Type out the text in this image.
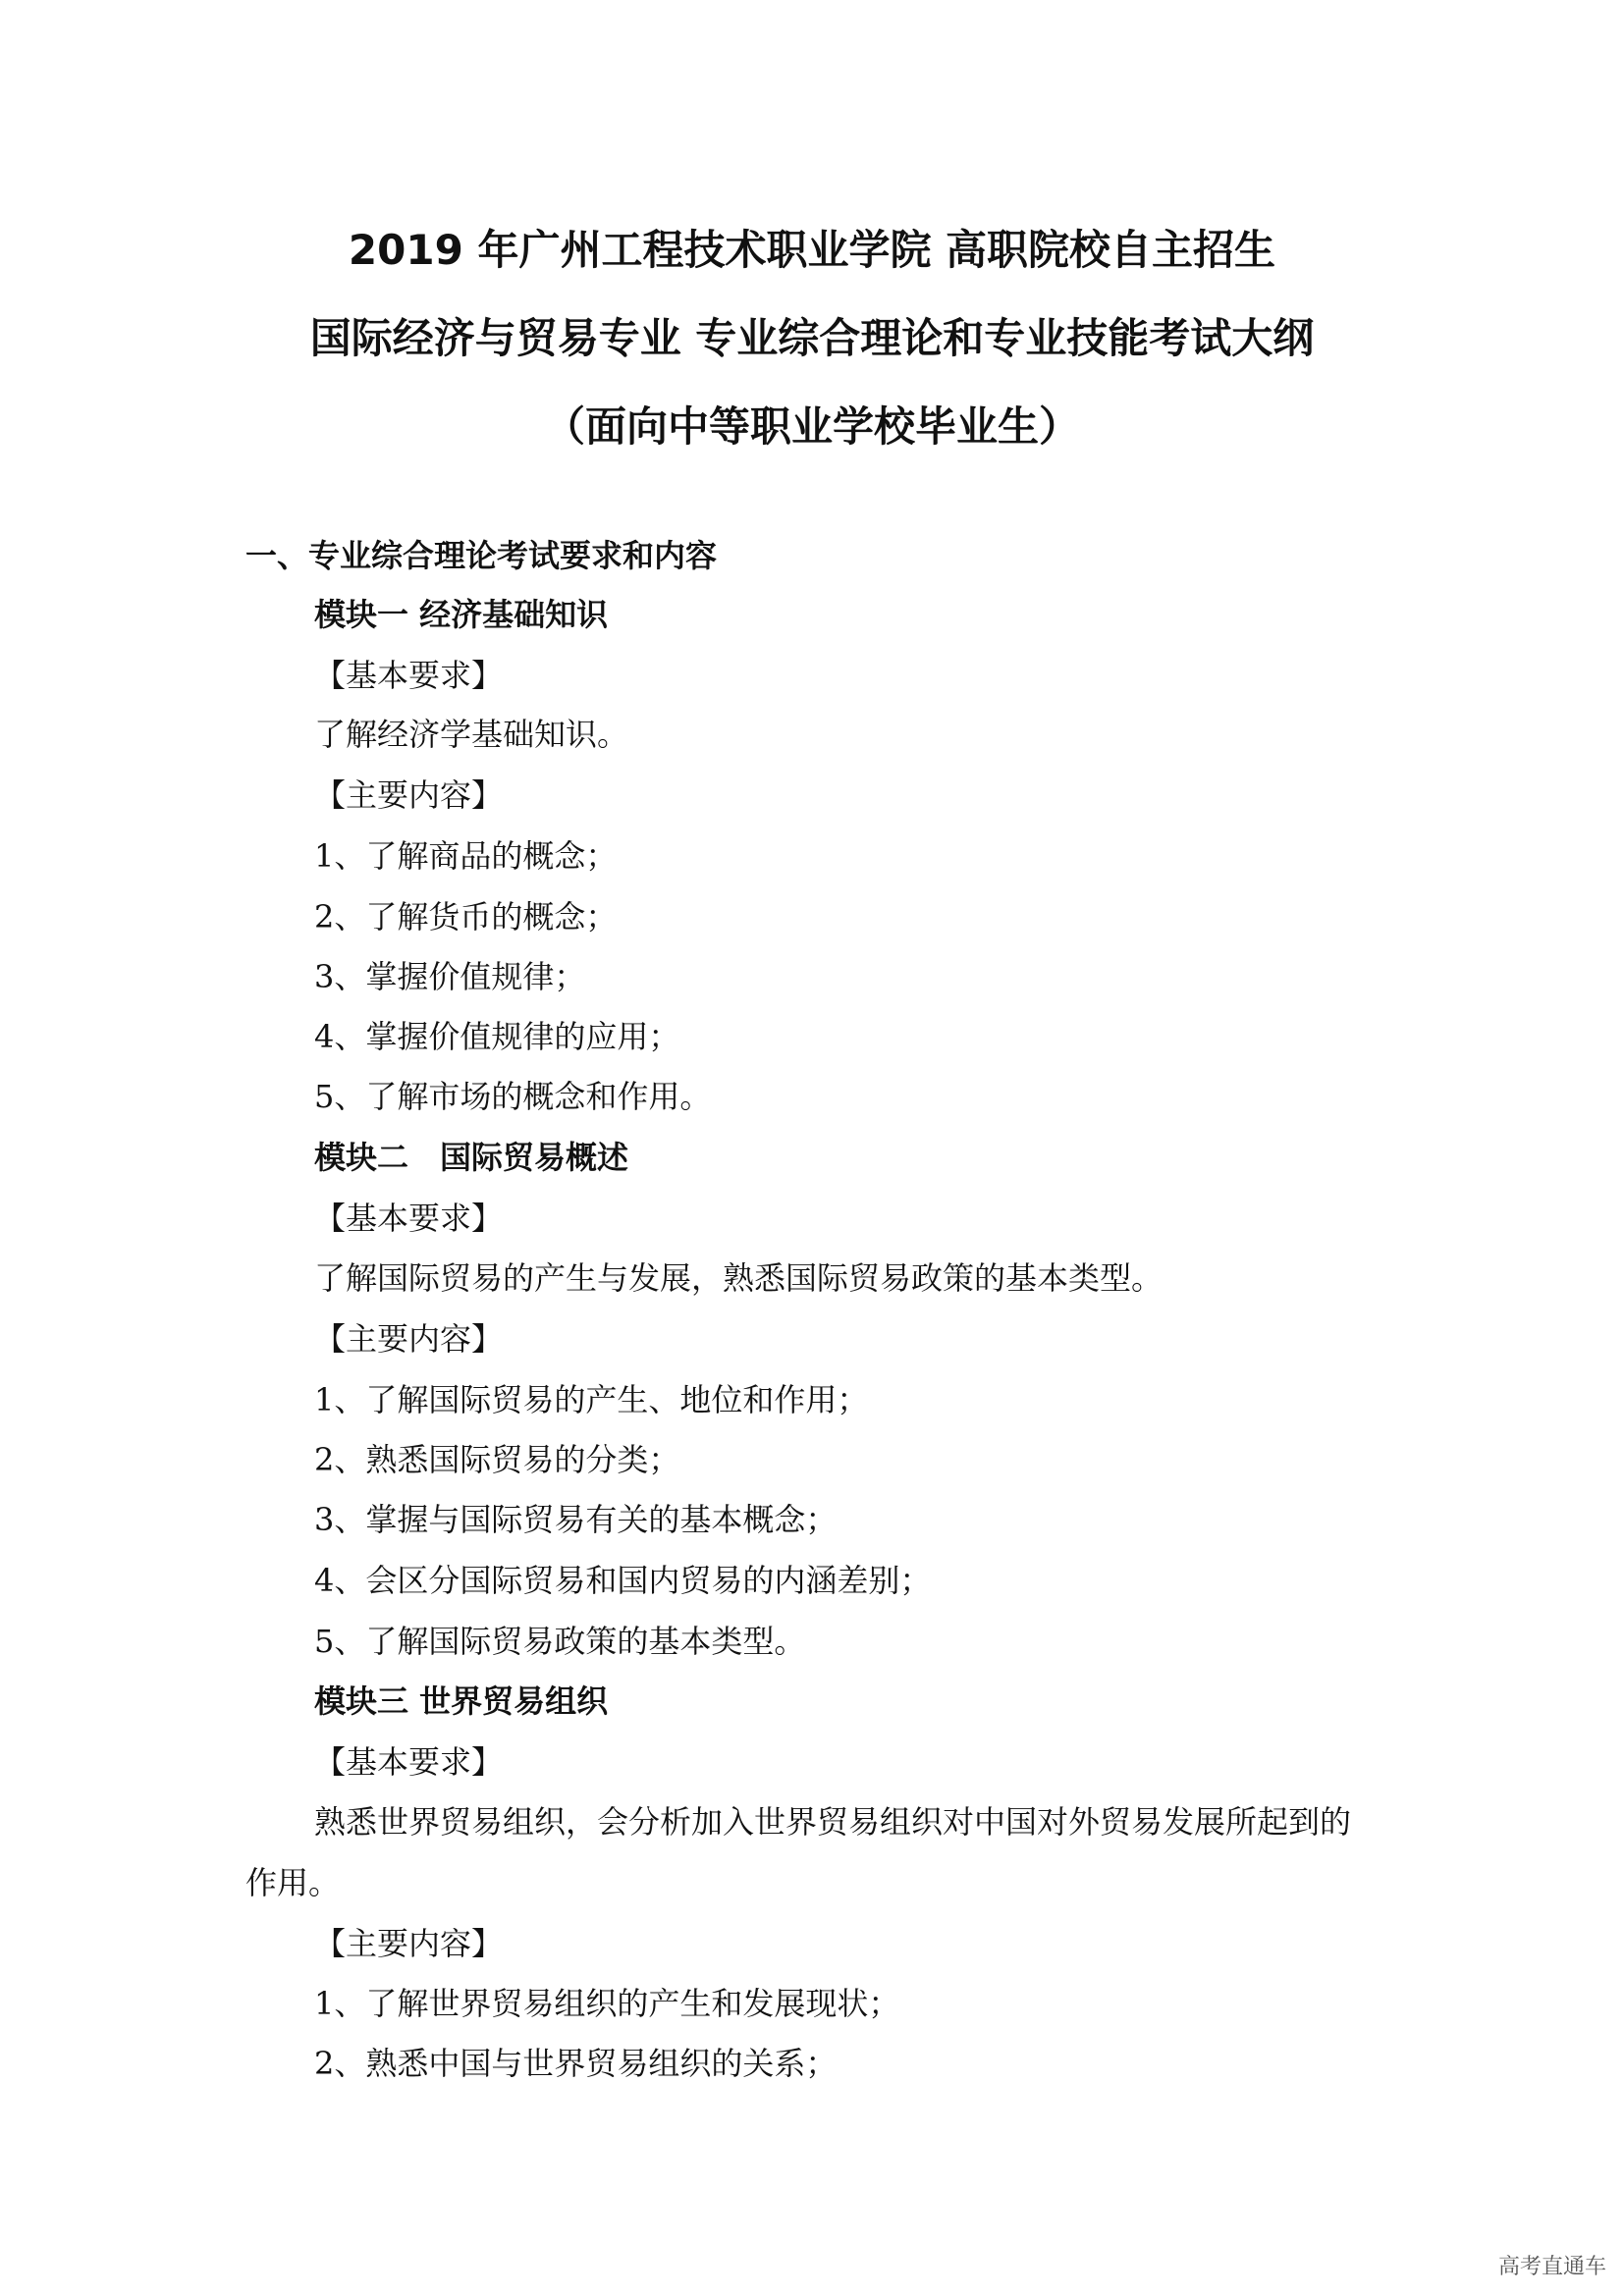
2019 年广州工程技术职业学院 高职院校自主招生
国际经济与贸易专业 专业综合理论和专业技能考试大纲
（面向中等职业学校毕业生）
一、专业综合理论考试要求和内容
模块一 经济基础知识
【基本要求】
了解经济学基础知识。
【主要内容】
1、了解商品的概念；
2、了解货币的概念；
3、掌握价值规律；
4、掌握价值规律的应用；
5、了解市场的概念和作用。
模块二　国际贸易概述
【基本要求】
了解国际贸易的产生与发展，熟悉国际贸易政策的基本类型。
【主要内容】
1、了解国际贸易的产生、地位和作用；
2、熟悉国际贸易的分类；
3、掌握与国际贸易有关的基本概念；
4、会区分国际贸易和国内贸易的内涵差别；
5、了解国际贸易政策的基本类型。
模块三 世界贸易组织
【基本要求】
熟悉世界贸易组织，会分析加入世界贸易组织对中国对外贸易发展所起到的
作用。
【主要内容】
1、了解世界贸易组织的产生和发展现状；
2、熟悉中国与世界贸易组织的关系；
高考直通车
